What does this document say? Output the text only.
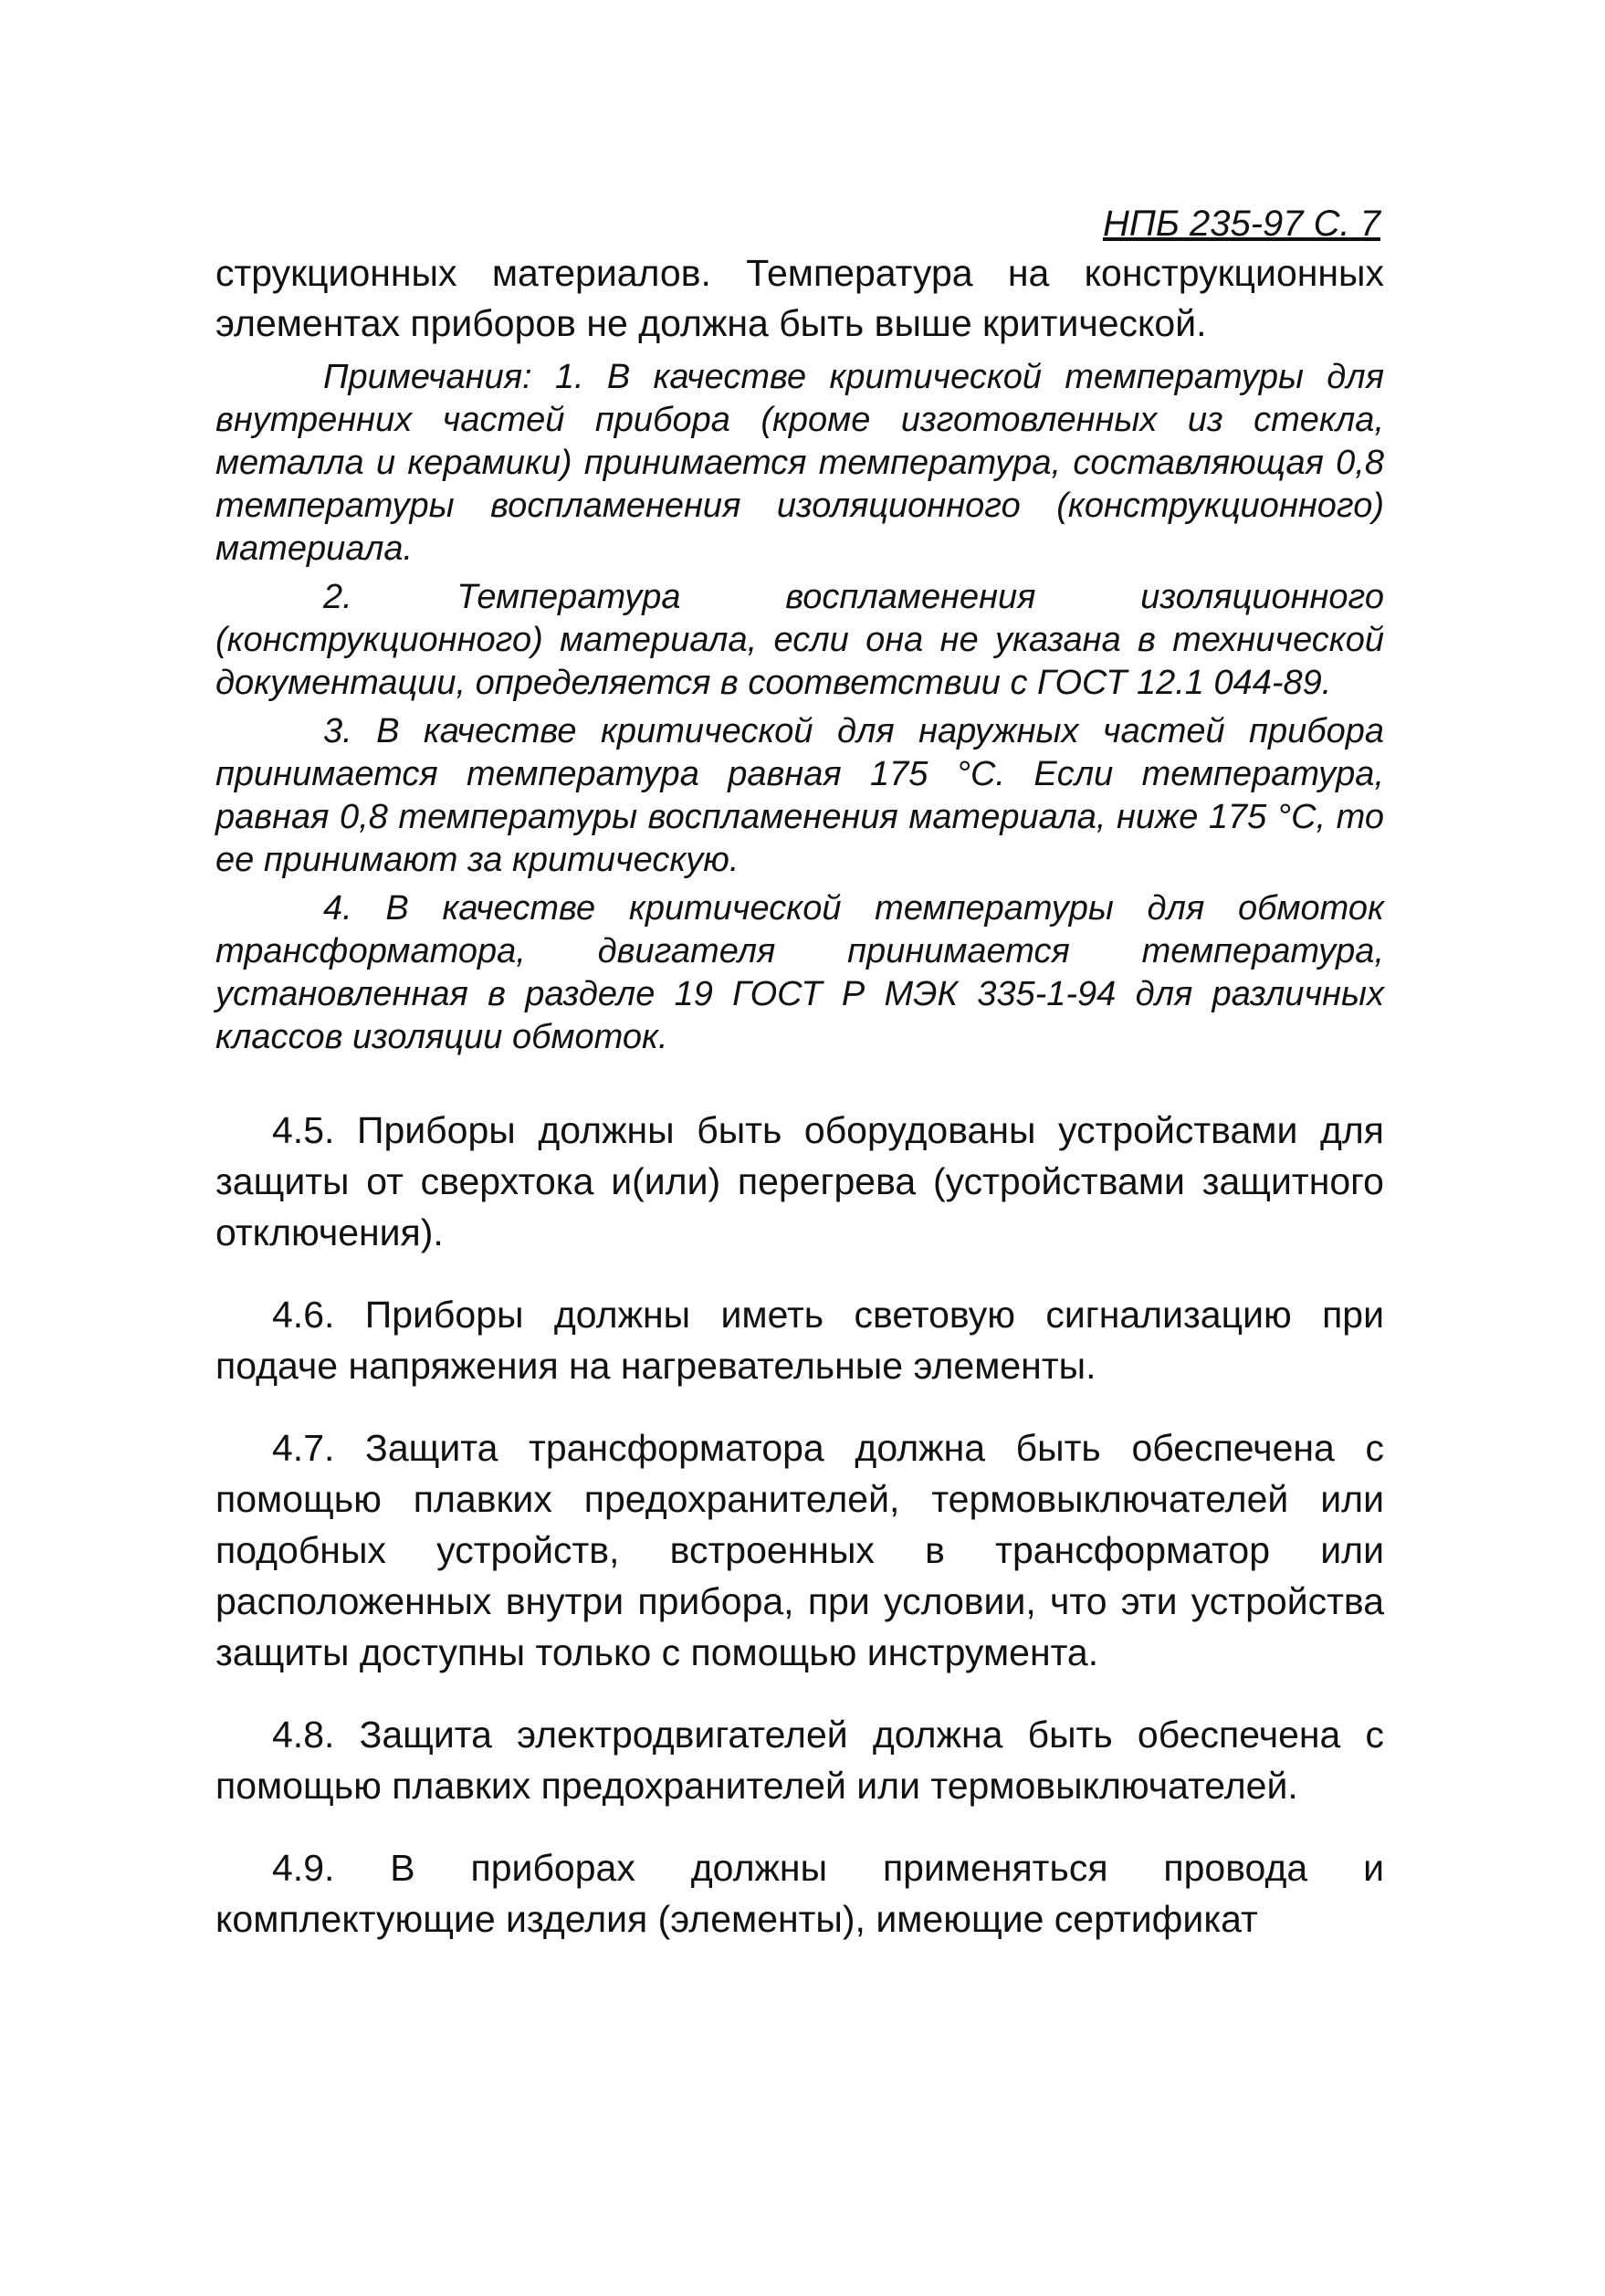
НПБ 235-97 С. 7

струкционных материалов. Температура на конструкционных элементах приборов не должна быть выше критической.

Примечания: 1. В качестве критической температуры для внутренних частей прибора (кроме изготовленных из стекла, металла и керамики) принимается температура, составляющая 0,8 температуры воспламенения изоляционного (конструкционного) материала.

2. Температура воспламенения изоляционного (конструкционного) материала, если она не указана в технической документации, определяется в соответствии с ГОСТ 12.1 044-89.

3. В качестве критической для наружных частей прибора принимается температура равная 175 °С. Если температура, равная 0,8 температуры воспламенения материала, ниже 175 °С, то ее принимают за критическую.

4. В качестве критической температуры для обмоток трансформатора, двигателя принимается температура, установленная в разделе 19 ГОСТ Р МЭК 335-1-94 для различных классов изоляции обмоток.

4.5. Приборы должны быть оборудованы устройствами для защиты от сверхтока и(или) перегрева (устройствами защитного отключения).

4.6. Приборы должны иметь световую сигнализацию при подаче напряжения на нагревательные элементы.

4.7. Защита трансформатора должна быть обеспечена с помощью плавких предохранителей, термовыключателей или подобных устройств, встроенных в трансформатор или расположенных внутри прибора, при условии, что эти устройства защиты доступны только с помощью инструмента.

4.8. Защита электродвигателей должна быть обеспечена с помощью плавких предохранителей или термовыключателей.

4.9. В приборах должны применяться провода и комплектующие изделия (элементы), имеющие сертификат
